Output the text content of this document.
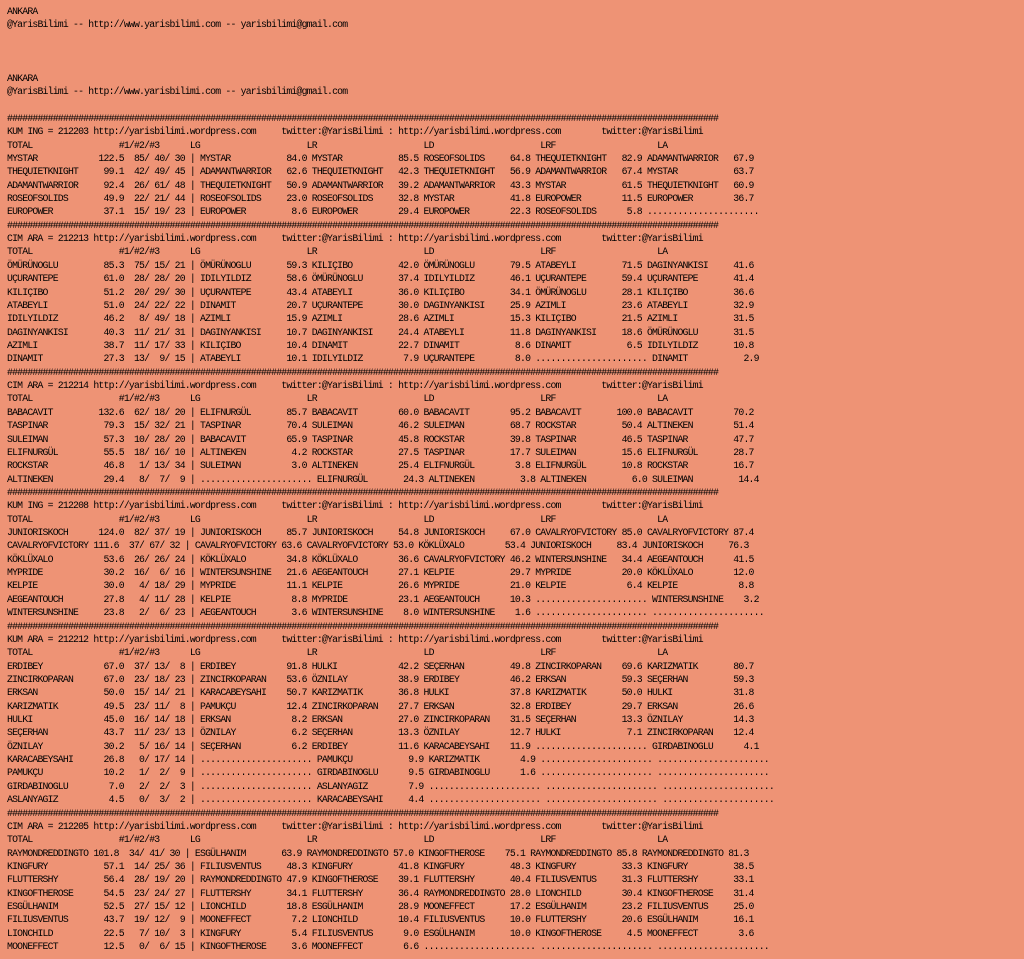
ANKARA
@YarisBilimi -- http://www.yarisbilimi.com -- yarisbilimi@gmail.com
ANKARA
@YarisBilimi -- http://www.yarisbilimi.com -- yarisbilimi@gmail.com
############################################################################################################################################
KUM ING = 212203 http://yarisbilimi.wordpress.com     twitter:@YarisBilimi : http://yarisbilimi.wordpress.com        twitter:@YarisBilimi
TOTAL                 #1/#2/#3      LG                     LR                     LD                     LRF                    LA
MYSTAR            122.5  85/ 40/ 30 | MYSTAR           84.0 MYSTAR           85.5 ROSEOFSOLIDS     64.8 THEQUIETKNIGHT   82.9 ADAMANTWARRIOR   67.9
THEQUIETKNIGHT     99.1  42/ 49/ 45 | ADAMANTWARRIOR   62.6 THEQUIETKNIGHT   42.3 THEQUIETKNIGHT   56.9 ADAMANTWARRIOR   67.4 MYSTAR           63.7
ADAMANTWARRIOR     92.4  26/ 61/ 48 | THEQUIETKNIGHT   50.9 ADAMANTWARRIOR   39.2 ADAMANTWARRIOR   43.3 MYSTAR           61.5 THEQUIETKNIGHT   60.9
ROSEOFSOLIDS       49.9  22/ 21/ 44 | ROSEOFSOLIDS     23.0 ROSEOFSOLIDS     32.8 MYSTAR           41.8 EUROPOWER        11.5 EUROPOWER        36.7
EUROPOWER          37.1  15/ 19/ 23 | EUROPOWER         8.6 EUROPOWER        29.4 EUROPOWER        22.3 ROSEOFSOLIDS      5.8 ......................
############################################################################################################################################
CIM ARA = 212213 http://yarisbilimi.wordpress.com     twitter:@YarisBilimi : http://yarisbilimi.wordpress.com        twitter:@YarisBilimi
TOTAL                 #1/#2/#3      LG                     LR                     LD                     LRF                    LA
ÖMÜRÜNOGLU         85.3  75/ 15/ 21 | ÖMÜRÜNOGLU       59.3 KILIÇIBO         42.0 ÖMÜRÜNOGLU       79.5 ATABEYLI         71.5 DAGINYANKISI     41.6
UÇURANTEPE         61.0  28/ 28/ 20 | IDILYILDIZ       58.6 ÖMÜRÜNOGLU       37.4 IDILYILDIZ       46.1 UÇURANTEPE       59.4 UÇURANTEPE       41.4
KILIÇIBO           51.2  20/ 29/ 30 | UÇURANTEPE       43.4 ATABEYLI         36.0 KILIÇIBO         34.1 ÖMÜRÜNOGLU       28.1 KILIÇIBO         36.6
ATABEYLI           51.0  24/ 22/ 22 | DINAMIT          20.7 UÇURANTEPE       30.0 DAGINYANKISI     25.9 AZIMLI           23.6 ATABEYLI         32.9
IDILYILDIZ         46.2   8/ 49/ 18 | AZIMLI           15.9 AZIMLI           28.6 AZIMLI           15.3 KILIÇIBO         21.5 AZIMLI           31.5
DAGINYANKISI       40.3  11/ 21/ 31 | DAGINYANKISI     10.7 DAGINYANKISI     24.4 ATABEYLI         11.8 DAGINYANKISI     18.6 ÖMÜRÜNOGLU       31.5
AZIMLI             38.7  11/ 17/ 33 | KILIÇIBO         10.4 DINAMIT          22.7 DINAMIT           8.6 DINAMIT           6.5 IDILYILDIZ       10.8
DINAMIT            27.3  13/  9/ 15 | ATABEYLI         10.1 IDILYILDIZ        7.9 UÇURANTEPE        8.0 ...................... DINAMIT           2.9
############################################################################################################################################
CIM ARA = 212214 http://yarisbilimi.wordpress.com     twitter:@YarisBilimi : http://yarisbilimi.wordpress.com        twitter:@YarisBilimi
TOTAL                 #1/#2/#3      LG                     LR                     LD                     LRF                    LA
BABACAVIT         132.6  62/ 18/ 20 | ELIFNURGÜL       85.7 BABACAVIT        60.0 BABACAVIT        95.2 BABACAVIT       100.0 BABACAVIT        70.2
TASPINAR           79.3  15/ 32/ 21 | TASPINAR         70.4 SULEIMAN         46.2 SULEIMAN         68.7 ROCKSTAR         50.4 ALTINEKEN        51.4
SULEIMAN           57.3  10/ 28/ 20 | BABACAVIT        65.9 TASPINAR         45.8 ROCKSTAR         39.8 TASPINAR         46.5 TASPINAR         47.7
ELIFNURGÜL         55.5  18/ 16/ 10 | ALTINEKEN         4.2 ROCKSTAR         27.5 TASPINAR         17.7 SULEIMAN         15.6 ELIFNURGÜL       28.7
ROCKSTAR           46.8   1/ 13/ 34 | SULEIMAN          3.0 ALTINEKEN        25.4 ELIFNURGÜL        3.8 ELIFNURGÜL       10.8 ROCKSTAR         16.7
ALTINEKEN          29.4   8/  7/  9 | ...................... ELIFNURGÜL       24.3 ALTINEKEN         3.8 ALTINEKEN         6.0 SULEIMAN         14.4
############################################################################################################################################
KUM ING = 212208 http://yarisbilimi.wordpress.com     twitter:@YarisBilimi : http://yarisbilimi.wordpress.com        twitter:@YarisBilimi
TOTAL                 #1/#2/#3      LG                     LR                     LD                     LRF                    LA
JUNIORISKOCH      124.0  82/ 37/ 19 | JUNIORISKOCH     85.7 JUNIORISKOCH     54.8 JUNIORISKOCH     67.0 CAVALRYOFVICTORY 85.0 CAVALRYOFVICTORY 87.4
CAVALRYOFVICTORY 111.6  37/ 67/ 32 | CAVALRYOFVICTORY 63.6 CAVALRYOFVICTORY 53.0 KÖKLÜXALO        53.4 JUNIORISKOCH     83.4 JUNIORISKOCH     76.3
KÖKLÜXALO          53.6  26/ 26/ 24 | KÖKLÜXALO        34.8 KÖKLÜXALO        36.6 CAVALRYOFVICTORY 46.2 WINTERSUNSHINE   34.4 AEGEANTOUCH      41.5
MYPRIDE            30.2  16/  6/ 16 | WINTERSUNSHINE   21.6 AEGEANTOUCH      27.1 KELPIE           29.7 MYPRIDE          20.0 KÖKLÜXALO        12.0
KELPIE             30.0   4/ 18/ 29 | MYPRIDE          11.1 KELPIE           26.6 MYPRIDE          21.0 KELPIE            6.4 KELPIE            8.8
AEGEANTOUCH        27.8   4/ 11/ 28 | KELPIE            8.8 MYPRIDE          23.1 AEGEANTOUCH      10.3 ...................... WINTERSUNSHINE    3.2
WINTERSUNSHINE     23.8   2/  6/ 23 | AEGEANTOUCH       3.6 WINTERSUNSHINE    8.0 WINTERSUNSHINE    1.6 ...................... ......................
############################################################################################################################################
KUM ARA = 212212 http://yarisbilimi.wordpress.com     twitter:@YarisBilimi : http://yarisbilimi.wordpress.com        twitter:@YarisBilimi
TOTAL                 #1/#2/#3      LG                     LR                     LD                     LRF                    LA
ERDIBEY            67.0  37/ 13/  8 | ERDIBEY          91.8 HULKI            42.2 SEÇERHAN         49.8 ZINCIRKOPARAN    69.6 KARIZMATIK       80.7
ZINCIRKOPARAN      67.0  23/ 18/ 23 | ZINCIRKOPARAN    53.6 ÖZNILAY          38.9 ERDIBEY          46.2 ERKSAN           59.3 SEÇERHAN         59.3
ERKSAN             50.0  15/ 14/ 21 | KARACABEYSAHI    50.7 KARIZMATIK       36.8 HULKI            37.8 KARIZMATIK       50.0 HULKI            31.8
KARIZMATIK         49.5  23/ 11/  8 | PAMUKÇU          12.4 ZINCIRKOPARAN    27.7 ERKSAN           32.8 ERDIBEY          29.7 ERKSAN           26.6
HULKI              45.0  16/ 14/ 18 | ERKSAN            8.2 ERKSAN           27.0 ZINCIRKOPARAN    31.5 SEÇERHAN         13.3 ÖZNILAY          14.3
SEÇERHAN           43.7  11/ 23/ 13 | ÖZNILAY           6.2 SEÇERHAN         13.3 ÖZNILAY          12.7 HULKI             7.1 ZINCIRKOPARAN    12.4
ÖZNILAY            30.2   5/ 16/ 14 | SEÇERHAN          6.2 ERDIBEY          11.6 KARACABEYSAHI    11.9 ...................... GIRDABINOGLU      4.1
KARACABEYSAHI      26.8   0/ 17/ 14 | ...................... PAMUKÇU           9.9 KARIZMATIK        4.9 ...................... ......................
PAMUKÇU            10.2   1/  2/  9 | ...................... GIRDABINOGLU      9.5 GIRDABINOGLU      1.6 ...................... ......................
GIRDABINOGLU        7.0   2/  2/  3 | ...................... ASLANYAGIZ        7.9 ...................... ...................... ......................
ASLANYAGIZ          4.5   0/  3/  2 | ...................... KARACABEYSAHI     4.4 ...................... ...................... ......................
############################################################################################################################################
CIM ARA = 212205 http://yarisbilimi.wordpress.com     twitter:@YarisBilimi : http://yarisbilimi.wordpress.com        twitter:@YarisBilimi
TOTAL                 #1/#2/#3      LG                     LR                     LD                     LRF                    LA
RAYMONDREDDINGTO 101.8  34/ 41/ 30 | ESGÜLHANIM       63.9 RAYMONDREDDINGTO 57.0 KINGOFTHEROSE    75.1 RAYMONDREDDINGTO 85.8 RAYMONDREDDINGTO 81.3
KINGFURY           57.1  14/ 25/ 36 | FILIUSVENTUS     48.3 KINGFURY         41.8 KINGFURY         48.3 KINGFURY         33.3 KINGFURY         38.5
FLUTTERSHY         56.4  28/ 19/ 20 | RAYMONDREDDINGTO 47.9 KINGOFTHEROSE    39.1 FLUTTERSHY       40.4 FILIUSVENTUS     31.3 FLUTTERSHY       33.1
KINGOFTHEROSE      54.5  23/ 24/ 27 | FLUTTERSHY       34.1 FLUTTERSHY       36.4 RAYMONDREDDINGTO 28.0 LIONCHILD        30.4 KINGOFTHEROSE    31.4
ESGÜLHANIM         52.5  27/ 15/ 12 | LIONCHILD        18.8 ESGÜLHANIM       28.9 MOONEFFECT       17.2 ESGÜLHANIM       23.2 FILIUSVENTUS     25.0
FILIUSVENTUS       43.7  19/ 12/  9 | MOONEFFECT        7.2 LIONCHILD        10.4 FILIUSVENTUS     10.0 FLUTTERSHY       20.6 ESGÜLHANIM       16.1
LIONCHILD          22.5   7/ 10/  3 | KINGFURY          5.4 FILIUSVENTUS      9.0 ESGÜLHANIM       10.0 KINGOFTHEROSE     4.5 MOONEFFECT        3.6
MOONEFFECT         12.5   0/  6/ 15 | KINGOFTHEROSE     3.6 MOONEFFECT        6.6 ...................... ...................... ......................
